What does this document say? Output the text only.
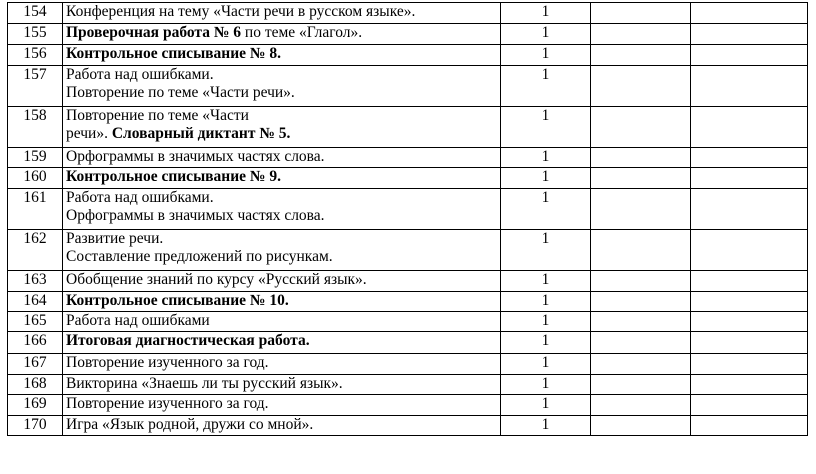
154	Конференция на тему «Части речи в русском языке».	1		
155	Проверочная работа № 6 по теме «Глагол».	1		
156	Контрольное списывание № 8.	1		
157	Работа над ошибками.
Повторение по теме «Части речи».	1		
158	Повторение по теме «Части
речи». Словарный диктант № 5.	1		
159	Орфограммы в значимых частях слова.	1		
160	Контрольное списывание № 9.	1		
161	Работа над ошибками.
Орфограммы в значимых частях слова.	1		
162	Развитие речи.
Составление предложений по рисункам.	1		
163	Обобщение знаний по курсу «Русский язык».	1		
164	Контрольное списывание № 10.	1		
165	Работа над ошибками	1		
166	Итоговая диагностическая работа.	1		
167	Повторение изученного за год.	1		
168	Викторина «Знаешь ли ты русский язык».	1		
169	Повторение изученного за год.	1		
170	Игра «Язык родной, дружи со мной».	1		
